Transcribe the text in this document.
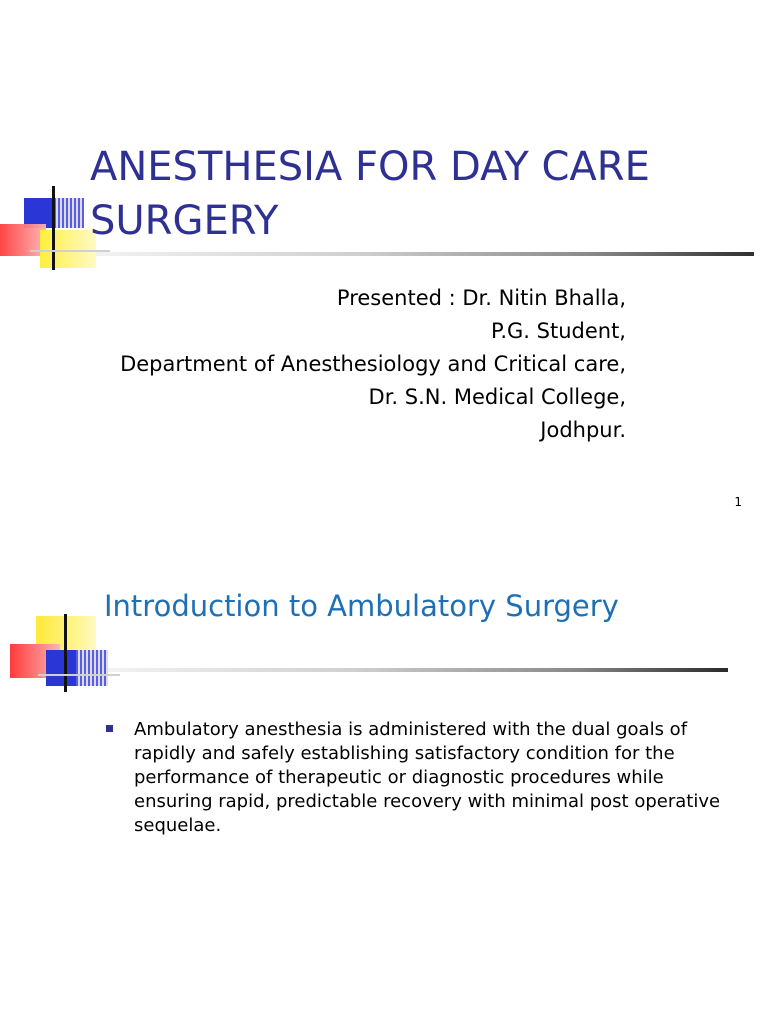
ANESTHESIA FOR DAY CARE SURGERY
Presented : Dr. Nitin Bhalla,
P.G. Student,
Department of Anesthesiology and Critical care,
Dr. S.N. Medical College,
Jodhpur.
1
Introduction to Ambulatory Surgery
Ambulatory anesthesia is administered with the dual goals of rapidly and safely establishing satisfactory condition for the performance of therapeutic or diagnostic procedures while ensuring rapid, predictable recovery with minimal post operative sequelae.
